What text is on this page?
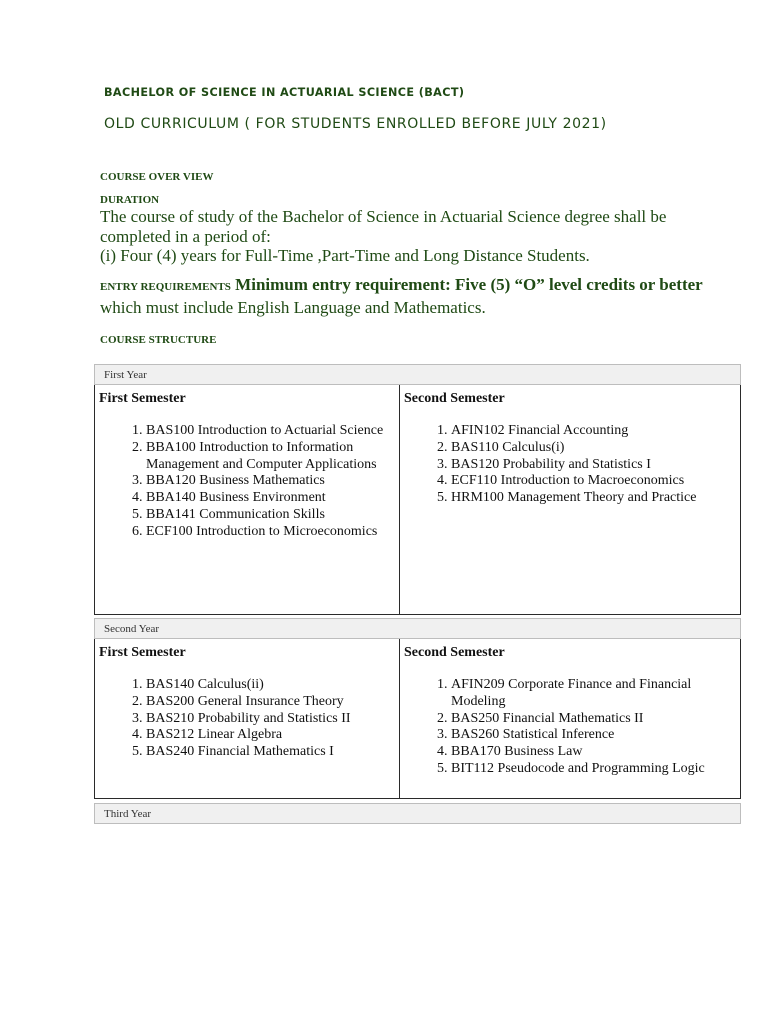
BACHELOR OF SCIENCE IN ACTUARIAL SCIENCE (BACT)
OLD CURRICULUM ( FOR STUDENTS ENROLLED BEFORE JULY 2021)
COURSE OVER VIEW
DURATION

The course of study of the Bachelor of Science in Actuarial Science degree shall be completed in a period of:

(i) Four (4) years for Full-Time ,Part-Time and Long Distance Students.

ENTRY REQUIREMENTS Minimum entry requirement: Five (5) “O” level credits or better
which must include English Language and Mathematics.
COURSE STRUCTURE
First Year

First Semester
1. BAS100 Introduction to Actuarial Science
2. BBA100 Introduction to Information Management and Computer Applications
3. BBA120 Business Mathematics
4. BBA140 Business Environment
5. BBA141 Communication Skills
6. ECF100 Introduction to Microeconomics

Second Semester
1. AFIN102 Financial Accounting
2. BAS110 Calculus(i)
3. BAS120 Probability and Statistics I
4. ECF110 Introduction to Macroeconomics
5. HRM100 Management Theory and Practice
Second Year

First Semester
1. BAS140 Calculus(ii)
2. BAS200 General Insurance Theory
3. BAS210 Probability and Statistics II
4. BAS212 Linear Algebra
5. BAS240 Financial Mathematics I

Second Semester
1. AFIN209 Corporate Finance and Financial Modeling
2. BAS250 Financial Mathematics II
3. BAS260 Statistical Inference
4. BBA170 Business Law
5. BIT112 Pseudocode and Programming Logic
Third Year
